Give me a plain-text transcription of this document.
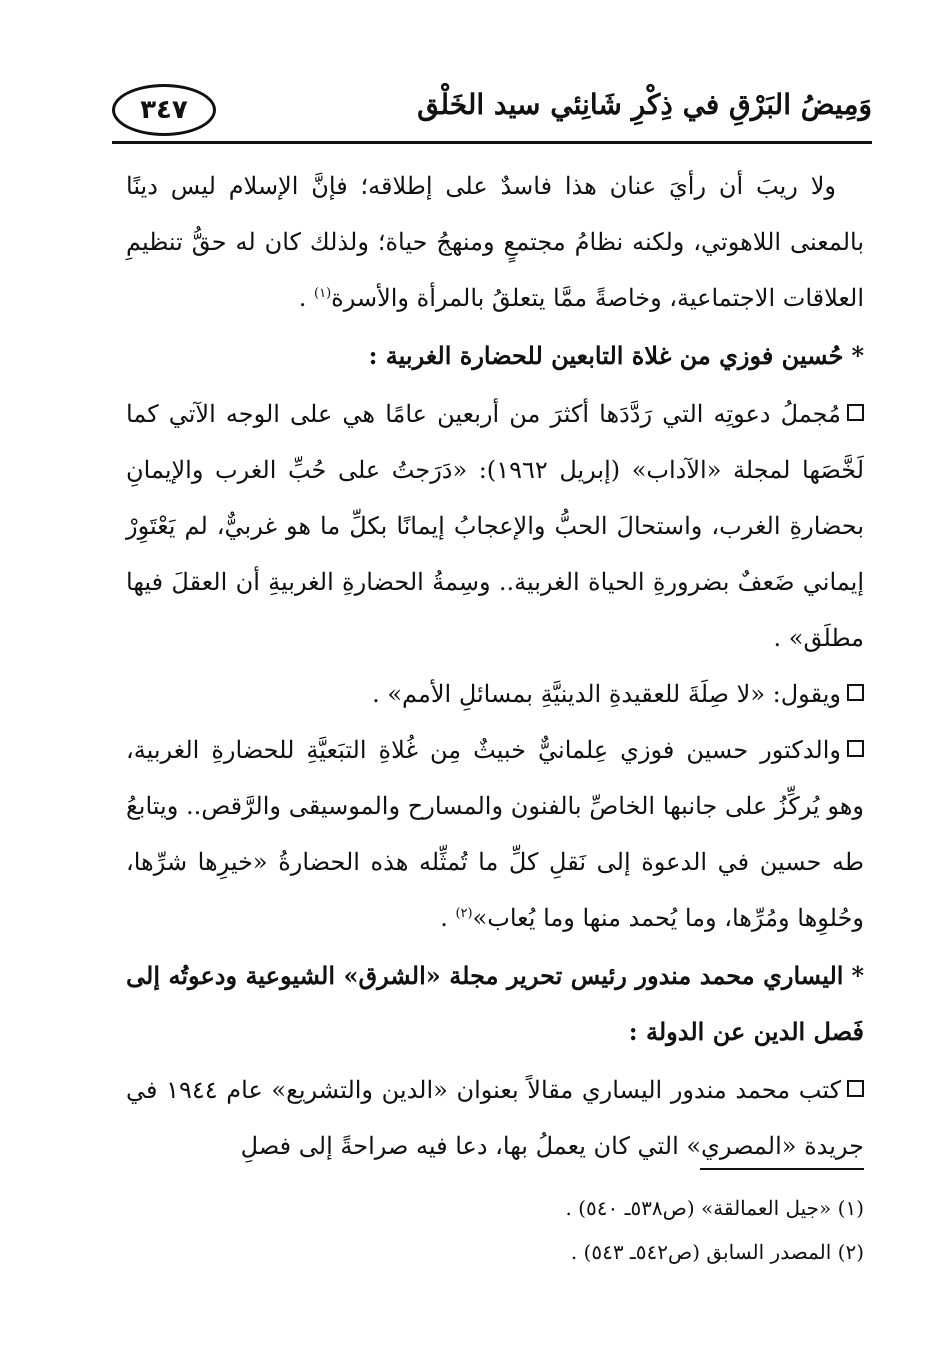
٣٤٧	وَمِيضُ البَرْقِ في ذِكْرِ شَانِئي سيد الخَلْق

ولا ريبَ أن رأيَ عنان هذا فاسدٌ على إطلاقه؛ فإنَّ الإسلام ليس دينًا بالمعنى اللاهوتي، ولكنه نظامُ مجتمعٍ ومنهجُ حياة؛ ولذلك كان له حقُّ تنظيمِ العلاقات الاجتماعية، وخاصةً ممَّا يتعلقُ بالمرأة والأسرة$^{(١)}$ .

*حُسين فوزي من غلاة التابعين للحضارة الغربية :

مُجملُ دعوتِه التي رَدَّدَها أكثرَ من أربعين عامًا هي على الوجه الآتي كما لَخَّصَها لمجلة «الآداب» (إبريل ١٩٦٢): «دَرَجتُ على حُبِّ الغرب والإيمانِ بحضارةِ الغرب، واستحالَ الحبُّ والإعجابُ إيمانًا بكلِّ ما هو غربيٌّ، لم يَعْتَوِرْ إيماني ضَعفٌ بضرورةِ الحياة الغربية.. وسِمةُ الحضارةِ الغربيةِ أن العقلَ فيها مطلَق» .

ويقول: «لا صِلَةَ للعقيدةِ الدينيَّةِ بمسائلِ الأمم» .

والدكتور حسين فوزي عِلمانيٌّ خبيثٌ مِن غُلاةِ التبَعيَّةِ للحضارةِ الغربية، وهو يُركِّزُ على جانبها الخاصِّ بالفنون والمسارح والموسيقى والرَّقص.. ويتابعُ طه حسين في الدعوة إلى نَقلِ كلِّ ما تُمثِّله هذه الحضارةُ «خيرِها شرِّها، وحُلوِها ومُرِّها، وما يُحمد منها وما يُعاب»$^{(٢)}$ .

*اليساري محمد مندور رئيس تحرير مجلة «الشرق» الشيوعية ودعوتُه إلى فَصل الدين عن الدولة :

كتب محمد مندور اليساري مقالاً بعنوان «الدين والتشريع» عام ١٩٤٤ في جريدة «المصري» التي كان يعملُ بها، دعا فيه صراحةً إلى فصلِ

(١) «جيل العمالقة» (ص٥٣٨ـ ٥٤٠) .
(٢) المصدر السابق (ص٥٤٢ـ ٥٤٣) .
